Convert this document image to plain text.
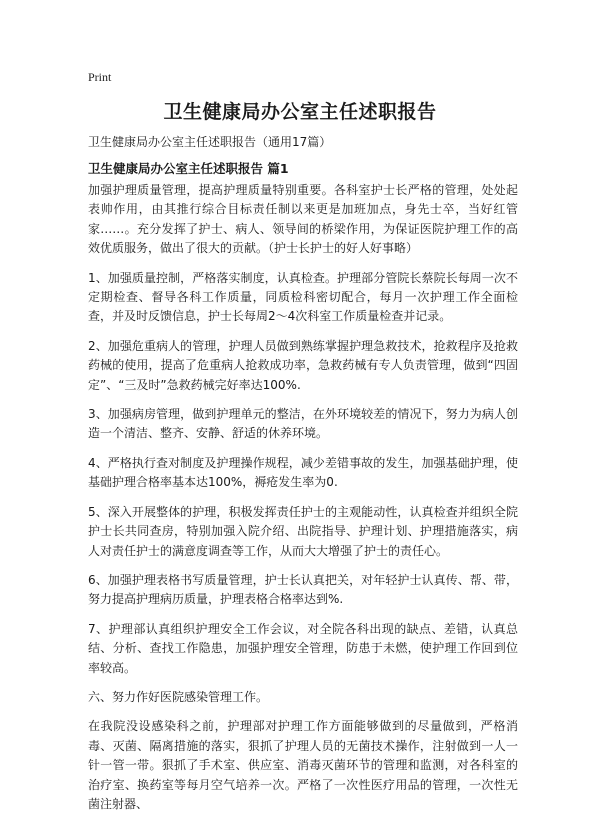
Print
卫生健康局办公室主任述职报告
卫生健康局办公室主任述职报告（通用17篇）
卫生健康局办公室主任述职报告 篇1

加强护理质量管理，提高护理质量特别重要。各科室护士长严格的管理，处处起表帅作用，由其推行综合目标责任制以来更是加班加点，身先士卒，当好红管家……。充分发挥了护士、病人、领导间的桥梁作用，为保证医院护理工作的高效优质服务，做出了很大的贡献。（护士长护士的好人好事略）

1、加强质量控制，严格落实制度，认真检查。护理部分管院长蔡院长每周一次不定期检查、督导各科工作质量，同质检科密切配合，每月一次护理工作全面检查，并及时反馈信息，护士长每周2～4次科室工作质量检查并记录。

2、加强危重病人的管理，护理人员做到熟练掌握护理急救技术，抢救程序及抢救药械的使用，提高了危重病人抢救成功率，急救药械有专人负责管理，做到“四固定”、“三及时”急救药械完好率达100%.

3、加强病房管理，做到护理单元的整洁，在外环境较差的情况下，努力为病人创造一个清洁、整齐、安静、舒适的休养环境。

4、严格执行查对制度及护理操作规程，减少差错事故的发生，加强基础护理，使基础护理合格率基本达100%，褥疮发生率为0.

5、深入开展整体的护理，积极发挥责任护士的主观能动性，认真检查并组织全院护士长共同查房，特别加强入院介绍、出院指导、护理计划、护理措施落实，病人对责任护士的满意度调查等工作，从而大大增强了护士的责任心。

6、加强护理表格书写质量管理，护士长认真把关，对年轻护士认真传、帮、带，努力提高护理病历质量，护理表格合格率达到%.

7、护理部认真组织护理安全工作会议，对全院各科出现的缺点、差错，认真总结、分析、查找工作隐患，加强护理安全管理，防患于未燃，使护理工作回到位率较高。

六、努力作好医院感染管理工作。

在我院没设感染科之前，护理部对护理工作方面能够做到的尽量做到，严格消毒、灭菌、隔离措施的落实，狠抓了护理人员的无菌技术操作，注射做到一人一针一管一带。狠抓了手术室、供应室、消毒灭菌环节的管理和监测，对各科室的治疗室、换药室等每月空气培养一次。严格了一次性医疗用品的管理，一次性无菌注射器、
